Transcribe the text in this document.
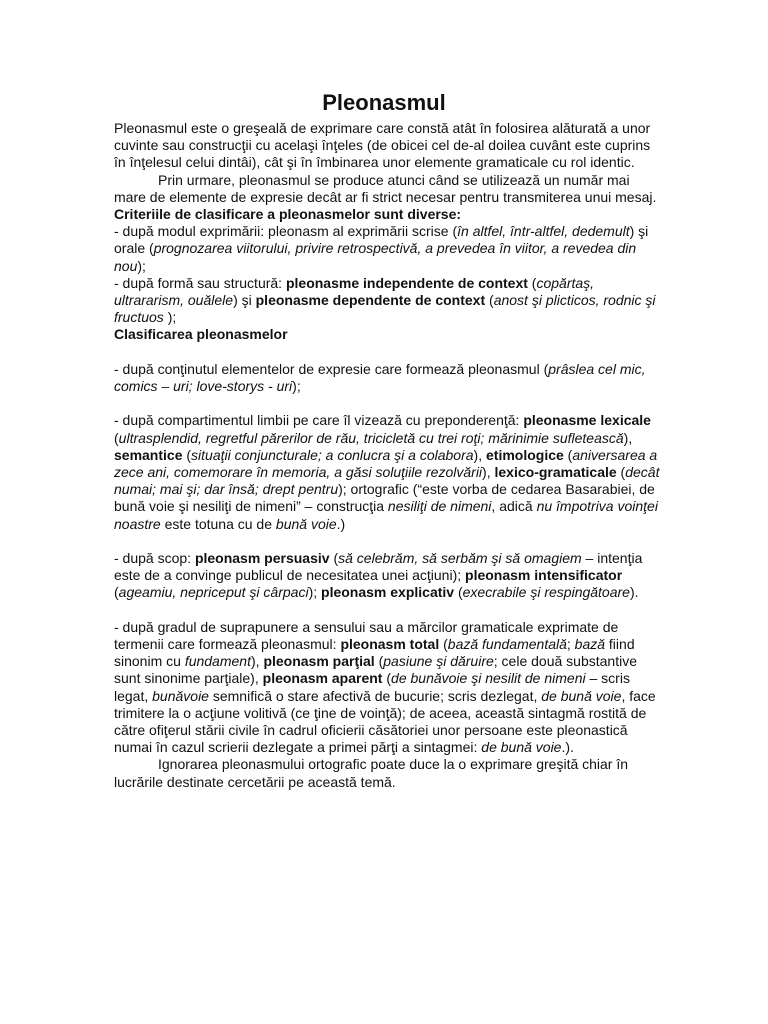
Pleonasmul

Pleonasmul este o greşeală de exprimare care constă atât în folosirea alăturată a unor cuvinte sau construcţii cu acelaşi înţeles (de obicei cel de-al doilea cuvânt este cuprins în înţelesul celui dintâi), cât şi în îmbinarea unor elemente gramaticale cu rol identic.

Prin urmare, pleonasmul se produce atunci când se utilizează un număr mai mare de elemente de expresie decât ar fi strict necesar pentru transmiterea unui mesaj.

Criteriile de clasificare a pleonasmelor sunt diverse:

- după modul exprimării: pleonasm al exprimării scrise (în altfel, într-altfel, dedemult) şi orale (prognozarea viitorului, privire retrospectivă, a prevedea în viitor, a revedea din nou);

- după formă sau structură: pleonasme independente de context (copărtaş, ultrararism, ouălele) şi pleonasme dependente de context (anost şi plicticos, rodnic şi fructuos );

Clasificarea pleonasmelor

- după conţinutul elementelor de expresie care formează pleonasmul (prâslea cel mic, comics – uri; love-storys - uri);

- după compartimentul limbii pe care îl vizează cu preponderenţă: pleonasme lexicale (ultrasplendid, regretful părerilor de rău, tricicletă cu trei roţi; mărinimie sufletească), semantice (situaţii conjuncturale; a conlucra şi a colabora), etimologice (aniversarea a zece ani, comemorare în memoria, a găsi soluţiile rezolvării), lexico-gramaticale (decât numai; mai şi; dar însă; drept pentru); ortografic (“este vorba de cedarea Basarabiei, de bună voie şi nesiliţi de nimeni” – construcţia nesiliţi de nimeni, adică nu împotriva voinţei noastre este totuna cu de bună voie.)

- după scop: pleonasm persuasiv (să celebrăm, să serbăm şi să omagiem – intenţia este de a convinge publicul de necesitatea unei acţiuni); pleonasm intensificator (ageamiu, nepriceput şi cârpaci); pleonasm explicativ (execrabile şi respingătoare).

- după gradul de suprapunere a sensului sau a mărcilor gramaticale exprimate de termenii care formează pleonasmul: pleonasm total (bază fundamentală; bază fiind sinonim cu fundament), pleonasm parţial (pasiune şi dăruire; cele două substantive sunt sinonime parţiale), pleonasm aparent (de bunăvoie şi nesilit de nimeni – scris legat, bunăvoie semnifică o stare afectivă de bucurie; scris dezlegat, de bună voie, face trimitere la o acţiune volitivă (ce ţine de voinţă); de aceea, această sintagmă rostită de către ofiţerul stării civile în cadrul oficierii căsătoriei unor persoane este pleonastică numai în cazul scrierii dezlegate a primei părţi a sintagmei: de bună voie.).

Ignorarea pleonasmului ortografic poate duce la o exprimare greşită chiar în lucrările destinate cercetării pe această temă.
